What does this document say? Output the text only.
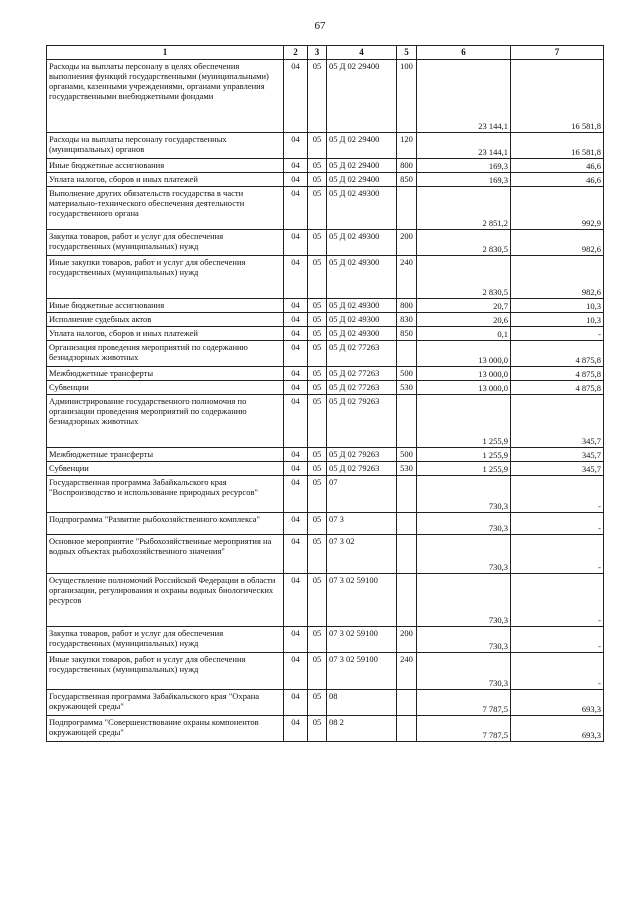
67
1	2	3	4	5	6	7
Расходы на выплаты персоналу в целях обеспечения выполнения функций государственными (муниципальными) органами, казенными учреждениями, органами управления государственными внебюджетными фондами	04	05	05 Д 02 29400	100	23 144,1	16 581,8
Расходы на выплаты персоналу государственных (муниципальных) органов	04	05	05 Д 02 29400	120	23 144,1	16 581,8
Иные бюджетные ассигнования	04	05	05 Д 02 29400	800	169,3	46,6
Уплата налогов, сборов и иных платежей	04	05	05 Д 02 29400	850	169,3	46,6
Выполнение других обязательств государства в части материально-технического обеспечения деятельности государственного органа	04	05	05 Д 02 49300		2 851,2	992,9
Закупка товаров, работ и услуг для обеспечения государственных (муниципальных) нужд	04	05	05 Д 02 49300	200	2 830,5	982,6
Иные закупки товаров, работ и услуг для обеспечения государственных (муниципальных) нужд	04	05	05 Д 02 49300	240	2 830,5	982,6
Иные бюджетные ассигнования	04	05	05 Д 02 49300	800	20,7	10,3
Исполнение судебных актов	04	05	05 Д 02 49300	830	20,6	10,3
Уплата налогов, сборов и иных платежей	04	05	05 Д 02 49300	850	0,1	-
Организация проведения мероприятий по содержанию безнадзорных животных	04	05	05 Д 02 77263		13 000,0	4 875,8
Межбюджетные трансферты	04	05	05 Д 02 77263	500	13 000,0	4 875,8
Субвенции	04	05	05 Д 02 77263	530	13 000,0	4 875,8
Администрирование государственного полномочия по организации проведения мероприятий по содержанию безнадзорных животных	04	05	05 Д 02 79263		1 255,9	345,7
Межбюджетные трансферты	04	05	05 Д 02 79263	500	1 255,9	345,7
Субвенции	04	05	05 Д 02 79263	530	1 255,9	345,7
Государственная программа Забайкальского края "Воспроизводство и использование природных ресурсов"	04	05	07		730,3	-
Подпрограмма "Развитие рыбохозяйственного комплекса"	04	05	07 3		730,3	-
Основное мероприятие "Рыбохозяйственные мероприятия на водных объектах рыбохозяйственного значения"	04	05	07 3 02		730,3	-
Осуществление полномочий Российской Федерации в области организации, регулирования и охраны водных биологических ресурсов	04	05	07 3 02 59100		730,3	-
Закупка товаров, работ и услуг для обеспечения государственных (муниципальных) нужд	04	05	07 3 02 59100	200	730,3	-
Иные закупки товаров, работ и услуг для обеспечения государственных (муниципальных) нужд	04	05	07 3 02 59100	240	730,3	-
Государственная программа Забайкальского края "Охрана окружающей среды"	04	05	08		7 787,5	693,3
Подпрограмма "Совершенствование охраны компонентов окружающей среды"	04	05	08 2		7 787,5	693,3
